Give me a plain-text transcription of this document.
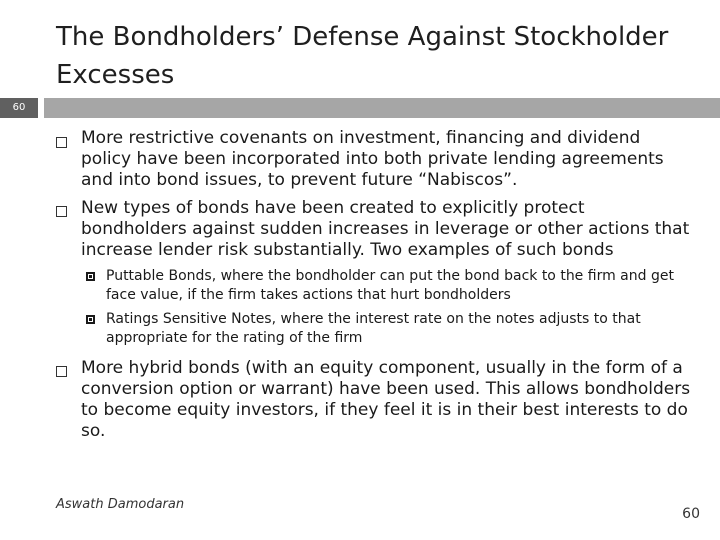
The Bondholders’ Defense Against Stockholder Excesses
60
More restrictive covenants on investment, financing and dividend policy have been incorporated into both private lending agreements and into bond issues, to prevent future “Nabiscos”.
New types of bonds have been created to explicitly protect bondholders against sudden increases in leverage or other actions that increase lender risk substantially. Two examples of such bonds
Puttable Bonds, where the bondholder can put the bond back to the firm and get face value, if the firm takes actions that hurt bondholders
Ratings Sensitive Notes, where the interest rate on the notes adjusts to that appropriate for the rating of the firm
More hybrid bonds (with an equity component, usually in the form of a conversion option or warrant) have been used. This allows bondholders to become equity investors, if they feel it is in their best interests to do so.
Aswath Damodaran
60
